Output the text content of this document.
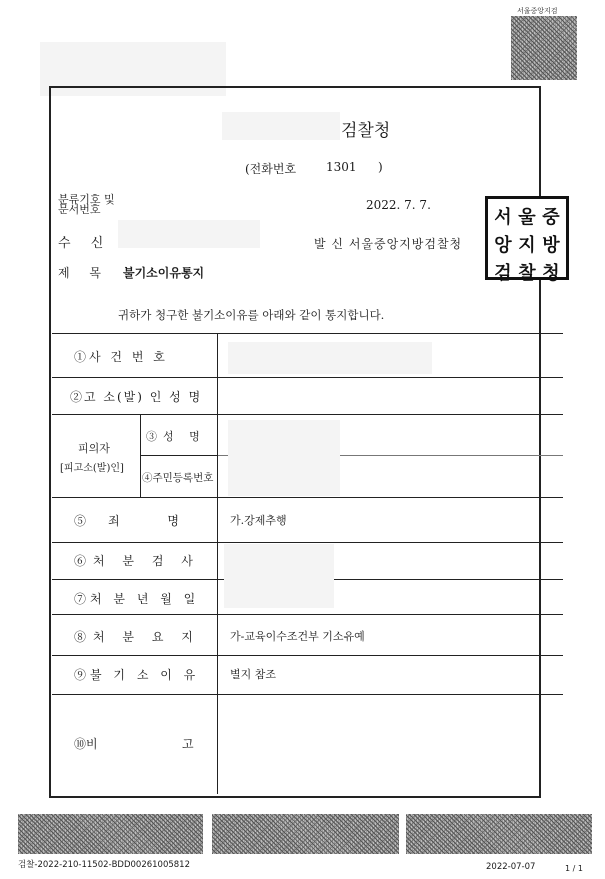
서울중앙지검
검찰청
(전화번호 1301 )
분류기호 및
문서번호	2022. 7. 7.
수 신	발 신 서울중앙지방검찰청
서 울 중
앙 지 방
검 찰 청
제 목 불기소이유통지
귀하가 청구한 불기소이유를 아래와 같이 통지합니다.
①사 건 번 호
②고 소(발) 인 성 명
피의자
[피고소(발)인]
③성 명
④주민등록번호
⑤죄 명	가.강제추행
⑥처 분 검 사
⑦처 분 년 월 일
⑧처 분 요 지	가-교육이수조건부 기소유예
⑨불 기 소 이 유	별지 참조
⑩비	고
검찰-2022-210-11502-BDD00261005812	2022-07-07	1 / 1
